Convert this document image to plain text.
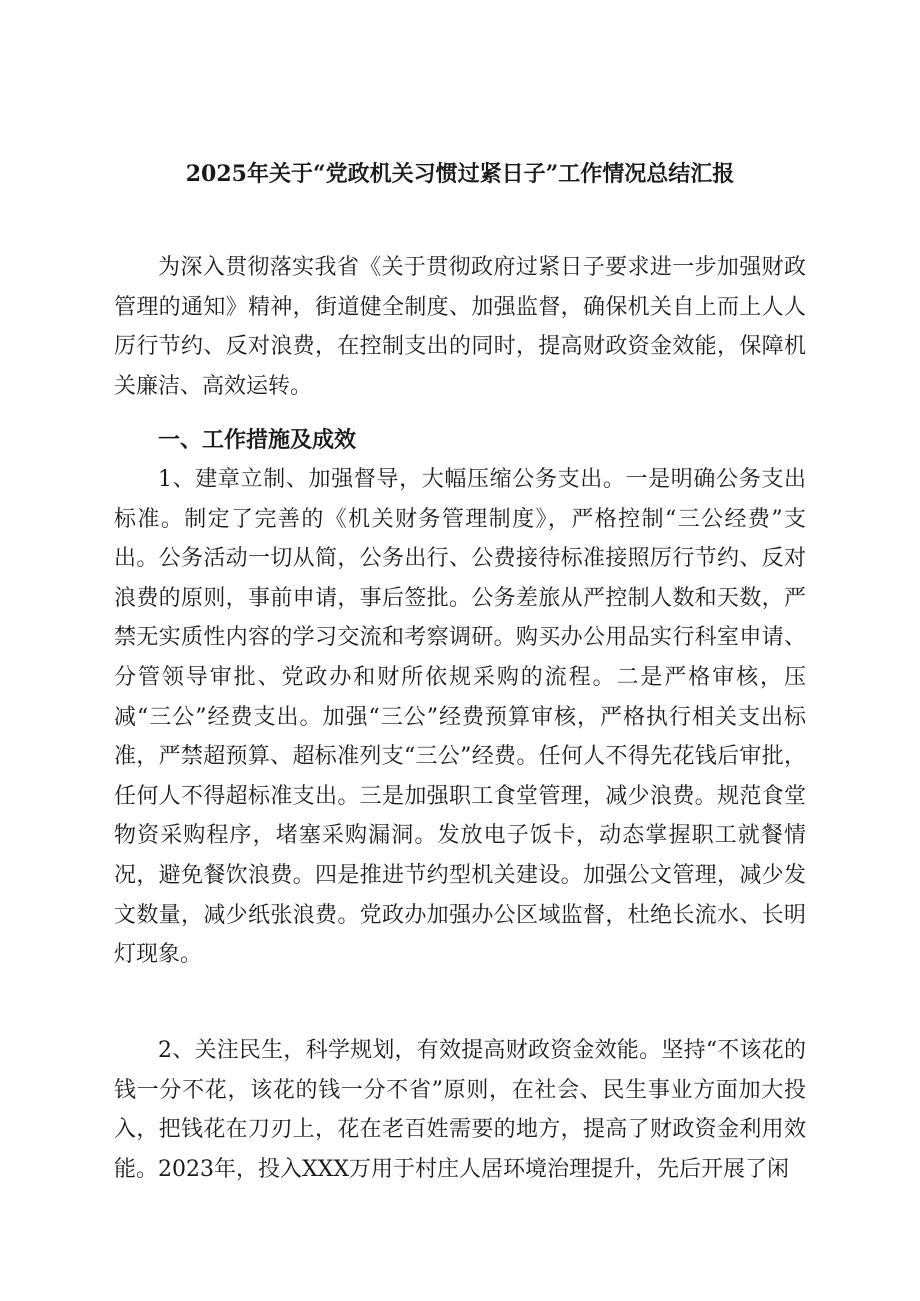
2025年关于“党政机关习惯过紧日子”工作情况总结汇报

为深入贯彻落实我省《关于贯彻政府过紧日子要求进一步加强财政管理的通知》精神，街道健全制度、加强监督，确保机关自上而上人人厉行节约、反对浪费，在控制支出的同时，提高财政资金效能，保障机关廉洁、高效运转。

一、工作措施及成效

1、建章立制、加强督导，大幅压缩公务支出。一是明确公务支出标准。制定了完善的《机关财务管理制度》，严格控制“三公经费”支出。公务活动一切从简，公务出行、公费接待标准接照厉行节约、反对浪费的原则，事前申请，事后签批。公务差旅从严控制人数和天数，严禁无实质性内容的学习交流和考察调研。购买办公用品实行科室申请、分管领导审批、党政办和财所依规采购的流程。二是严格审核，压减“三公”经费支出。加强“三公”经费预算审核，严格执行相关支出标准，严禁超预算、超标准列支“三公”经费。任何人不得先花钱后审批，任何人不得超标准支出。三是加强职工食堂管理，减少浪费。规范食堂物资采购程序，堵塞采购漏洞。发放电子饭卡，动态掌握职工就餐情况，避免餐饮浪费。四是推进节约型机关建设。加强公文管理，减少发文数量，减少纸张浪费。党政办加强办公区域监督，杜绝长流水、长明灯现象。

2、关注民生，科学规划，有效提高财政资金效能。坚持“不该花的钱一分不花，该花的钱一分不省”原则，在社会、民生事业方面加大投入，把钱花在刀刃上，花在老百姓需要的地方，提高了财政资金利用效能。2023年，投入XXX万用于村庄人居环境治理提升，先后开展了闲
